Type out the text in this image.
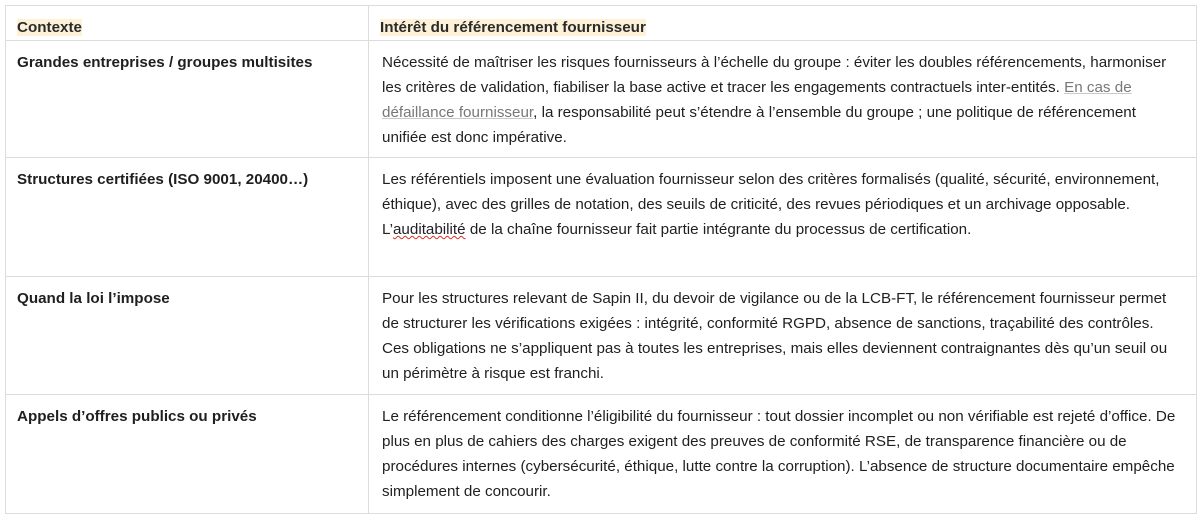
Contexte	Intérêt du référencement fournisseur
Grandes entreprises / groupes multisites	Nécessité de maîtriser les risques fournisseurs à l’échelle du groupe : éviter les doubles référencements, harmoniser les critères de validation, fiabiliser la base active et tracer les engagements contractuels inter-entités. En cas de défaillance fournisseur, la responsabilité peut s’étendre à l’ensemble du groupe ; une politique de référencement unifiée est donc impérative.
Structures certifiées (ISO 9001, 20400…)	Les référentiels imposent une évaluation fournisseur selon des critères formalisés (qualité, sécurité, environnement, éthique), avec des grilles de notation, des seuils de criticité, des revues périodiques et un archivage opposable. L’auditabilité de la chaîne fournisseur fait partie intégrante du processus de certification.
Quand la loi l’impose	Pour les structures relevant de Sapin II, du devoir de vigilance ou de la LCB-FT, le référencement fournisseur permet de structurer les vérifications exigées : intégrité, conformité RGPD, absence de sanctions, traçabilité des contrôles. Ces obligations ne s’appliquent pas à toutes les entreprises, mais elles deviennent contraignantes dès qu’un seuil ou un périmètre à risque est franchi.
Appels d’offres publics ou privés	Le référencement conditionne l’éligibilité du fournisseur : tout dossier incomplet ou non vérifiable est rejeté d’office. De plus en plus de cahiers des charges exigent des preuves de conformité RSE, de transparence financière ou de procédures internes (cybersécurité, éthique, lutte contre la corruption). L’absence de structure documentaire empêche simplement de concourir.
